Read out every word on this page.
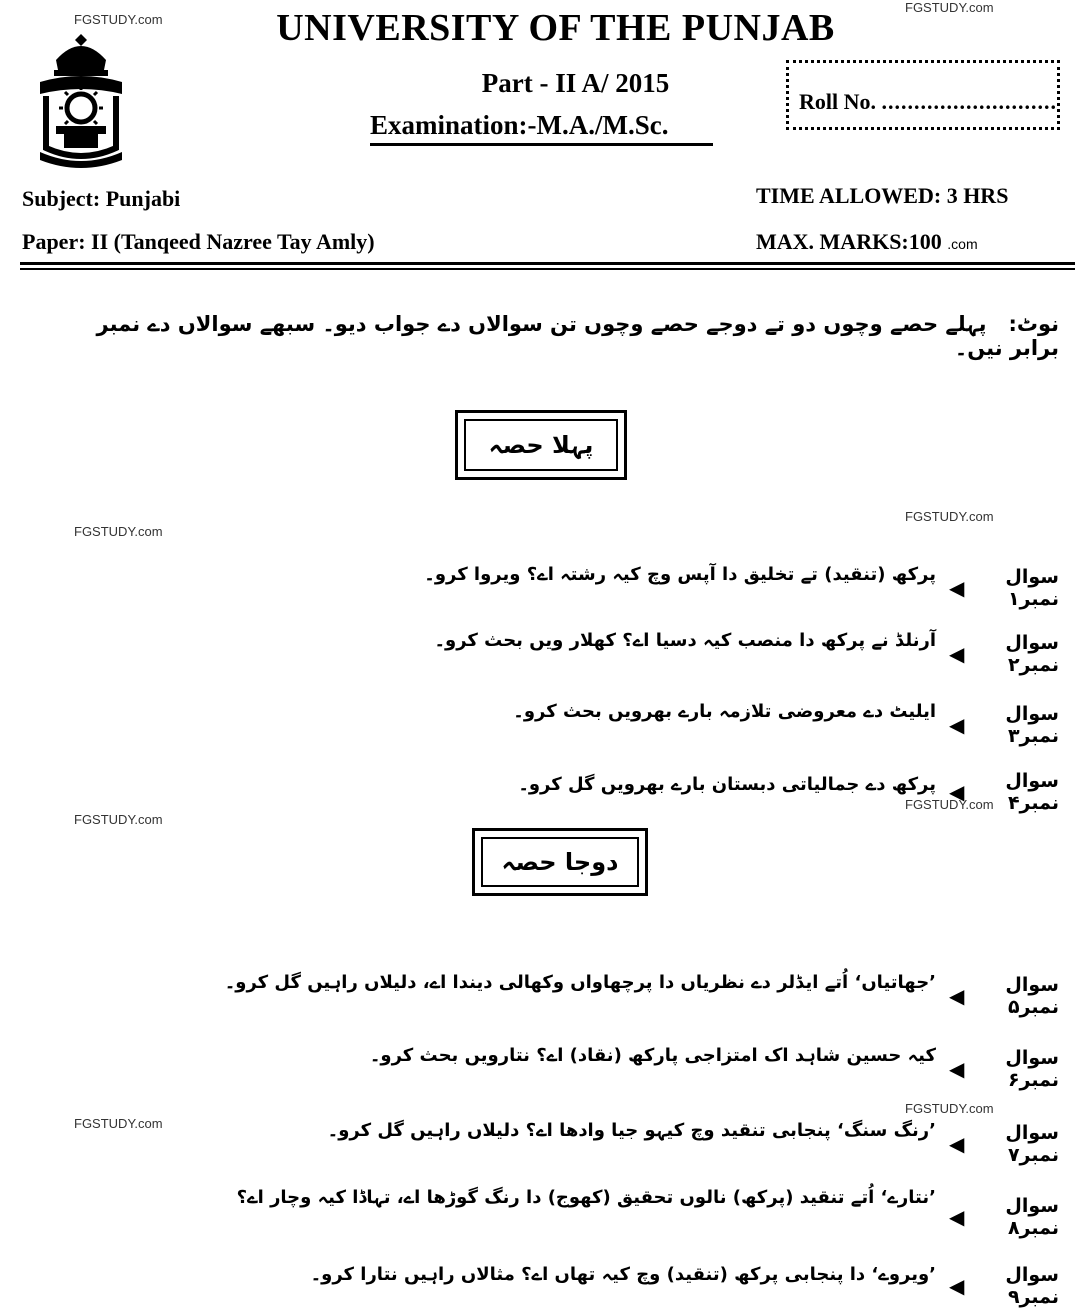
FGSTUDY.com
FGSTUDY.com
FGSTUDY.com
FGSTUDY.com
FGSTUDY.com
FGSTUDY.com
FGSTUDY.com
FGSTUDY.com
UNIVERSITY OF THE PUNJAB
Part - II A/ 2015
Examination:-M.A./M.Sc.
Roll No. ...........................
Subject: Punjabi
Paper: II (Tanqeed Nazree Tay Amly)
TIME ALLOWED: 3 HRS
MAX. MARKS:100 .com
نوٹ:   پہلے حصے وچوں دو تے دوجے حصے وچوں تن سوالاں دے جواب دیو۔ سبھے سوالاں دے نمبر برابر نیں۔
پہلا حصہ
سوال نمبر۱
◀
پرکھ (تنقید) تے تخلیق دا آپس وچ کیہ رشتہ اے؟ ویروا کرو۔
سوال نمبر۲
◀
آرنلڈ نے پرکھ دا منصب کیہ دسیا اے؟ کھلار ویں بحث کرو۔
سوال نمبر۳
◀
ایلیٹ دے معروضی تلازمہ بارے بھرویں بحث کرو۔
سوال نمبر۴
◀
پرکھ دے جمالیاتی دبستان بارے بھرویں گل کرو۔
دوجا حصہ
سوال نمبر۵
◀
’جھاتیاں‘ اُتے ایڈلر دے نظریاں دا پرچھاواں وکھالی دیندا اے، دلیلاں راہیں گل کرو۔
سوال نمبر۶
◀
کیہ حسین شاہد اک امتزاجی پارکھ (نقاد) اے؟ نتارویں بحث کرو۔
سوال نمبر۷
◀
’رنگ سنگ‘ پنجابی تنقید وچ کیہو جیا وادھا اے؟ دلیلاں راہیں گل کرو۔
سوال نمبر۸
◀
’نتارے‘ اُتے تنقید (پرکھ) نالوں تحقیق (کھوج) دا رنگ گوڑھا اے، تہاڈا کیہ وچار اے؟
سوال نمبر۹
◀
’ویروے‘ دا پنجابی پرکھ (تنقید) وچ کیہ تھاں اے؟ مثالاں راہیں نتارا کرو۔
